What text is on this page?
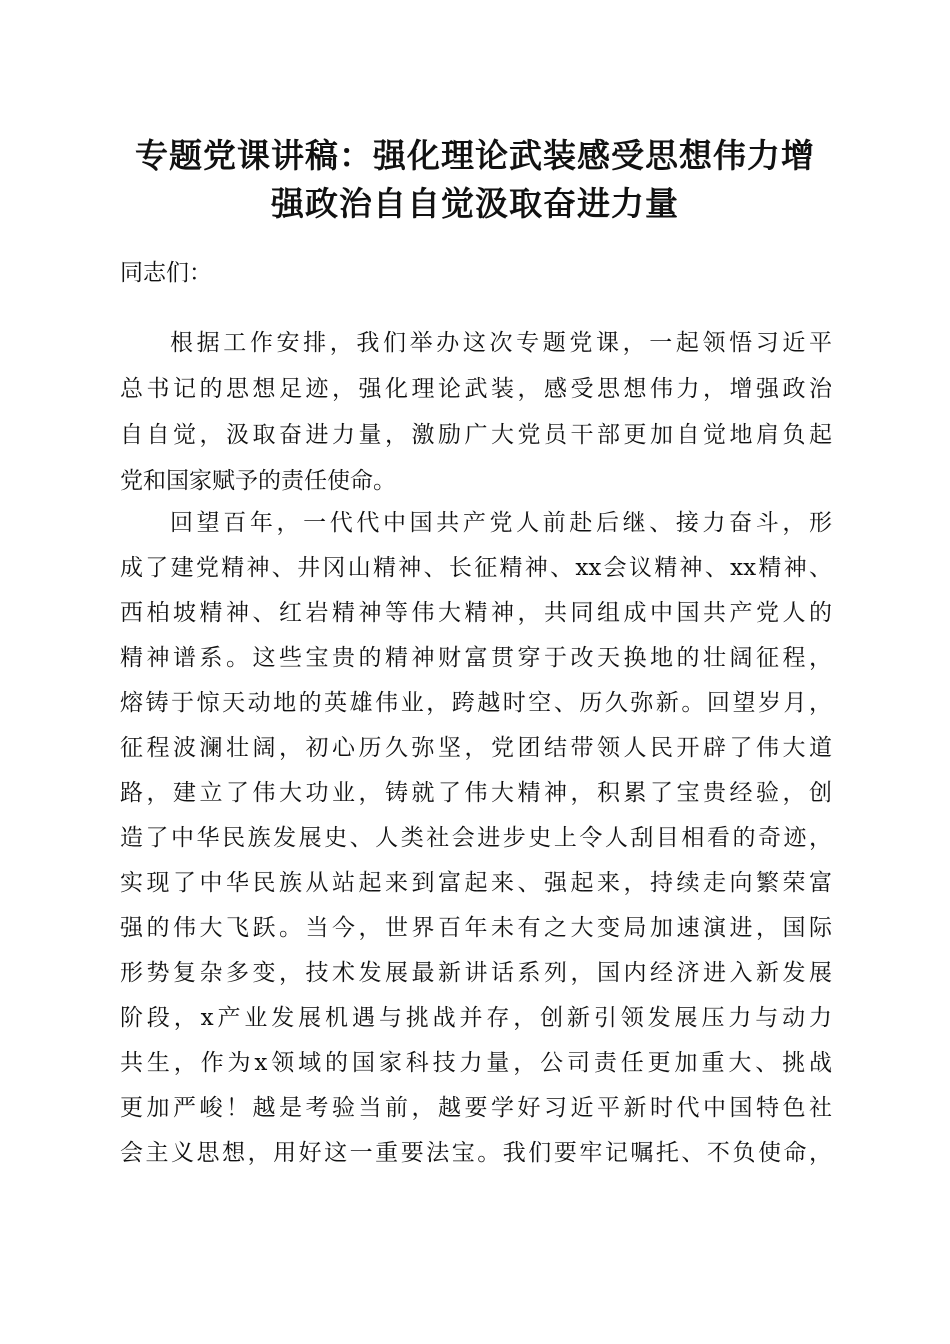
专题党课讲稿：强化理论武装感受思想伟力增
强政治自自觉汲取奋进力量
同志们：
根据工作安排，我们举办这次专题党课，一起领悟习近平
总书记的思想足迹，强化理论武装，感受思想伟力，增强政治
自自觉，汲取奋进力量，激励广大党员干部更加自觉地肩负起
党和国家赋予的责任使命。
回望百年，一代代中国共产党人前赴后继、接力奋斗，形
成了建党精神、井冈山精神、长征精神、xx会议精神、xx精神、
西柏坡精神、红岩精神等伟大精神，共同组成中国共产党人的
精神谱系。这些宝贵的精神财富贯穿于改天换地的壮阔征程，
熔铸于惊天动地的英雄伟业，跨越时空、历久弥新。回望岁月，
征程波澜壮阔，初心历久弥坚，党团结带领人民开辟了伟大道
路，建立了伟大功业，铸就了伟大精神，积累了宝贵经验，创
造了中华民族发展史、人类社会进步史上令人刮目相看的奇迹，
实现了中华民族从站起来到富起来、强起来，持续走向繁荣富
强的伟大飞跃。当今，世界百年未有之大变局加速演进，国际
形势复杂多变，技术发展最新讲话系列，国内经济进入新发展
阶段，x产业发展机遇与挑战并存，创新引领发展压力与动力
共生，作为x领域的国家科技力量，公司责任更加重大、挑战
更加严峻！越是考验当前，越要学好习近平新时代中国特色社
会主义思想，用好这一重要法宝。我们要牢记嘱托、不负使命，
